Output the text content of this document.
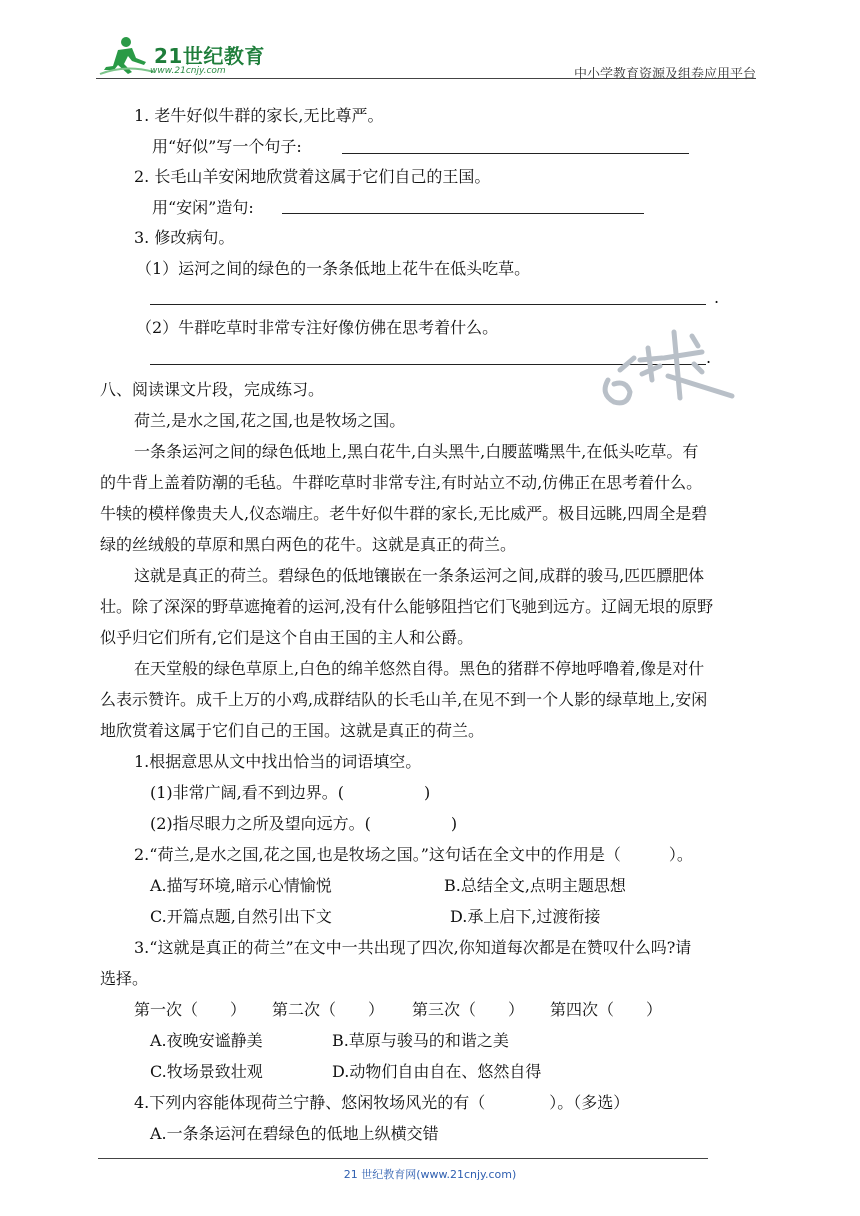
21世纪教育
www.21cnjy.com	中小学教育资源及组卷应用平台
1. 老牛好似牛群的家长,无比尊严。
用“好似”写一个句子:
2. 长毛山羊安闲地欣赏着这属于它们自己的王国。
用“安闲”造句:
3. 修改病句。
（1）运河之间的绿色的一条条低地上花牛在低头吃草。
.
（2）牛群吃草时非常专注好像仿佛在思考着什么。
.
八、阅读课文片段，完成练习。
荷兰,是水之国,花之国,也是牧场之国。
一条条运河之间的绿色低地上,黑白花牛,白头黑牛,白腰蓝嘴黑牛,在低头吃草。有
的牛背上盖着防潮的毛毡。牛群吃草时非常专注,有时站立不动,仿佛正在思考着什么。
牛犊的模样像贵夫人,仪态端庄。老牛好似牛群的家长,无比威严。极目远眺,四周全是碧
绿的丝绒般的草原和黑白两色的花牛。这就是真正的荷兰。
这就是真正的荷兰。碧绿色的低地镶嵌在一条条运河之间,成群的骏马,匹匹膘肥体
壮。除了深深的野草遮掩着的运河,没有什么能够阻挡它们飞驰到远方。辽阔无垠的原野
似乎归它们所有,它们是这个自由王国的主人和公爵。
在天堂般的绿色草原上,白色的绵羊悠然自得。黑色的猪群不停地呼噜着,像是对什
么表示赞许。成千上万的小鸡,成群结队的长毛山羊,在见不到一个人影的绿草地上,安闲
地欣赏着这属于它们自己的王国。这就是真正的荷兰。
1.根据意思从文中找出恰当的词语填空。
(1)非常广阔,看不到边界。(　　　　　)
(2)指尽眼力之所及望向远方。(　　　　　)
2.“荷兰,是水之国,花之国,也是牧场之国。”这句话在全文中的作用是（　　　）。
A.描写环境,暗示心情愉悦	B.总结全文,点明主题思想
C.开篇点题,自然引出下文	D.承上启下,过渡衔接
3.“这就是真正的荷兰”在文中一共出现了四次,你知道每次都是在赞叹什么吗?请
选择。
第一次（　　） 第二次（　　） 第三次（　　） 第四次（　　）
A.夜晚安谧静美	B.草原与骏马的和谐之美
C.牧场景致壮观	D.动物们自由自在、悠然自得
4.下列内容能体现荷兰宁静、悠闲牧场风光的有（　　　　）。（多选）
A.一条条运河在碧绿色的低地上纵横交错
21 世纪教育网(www.21cnjy.com)
